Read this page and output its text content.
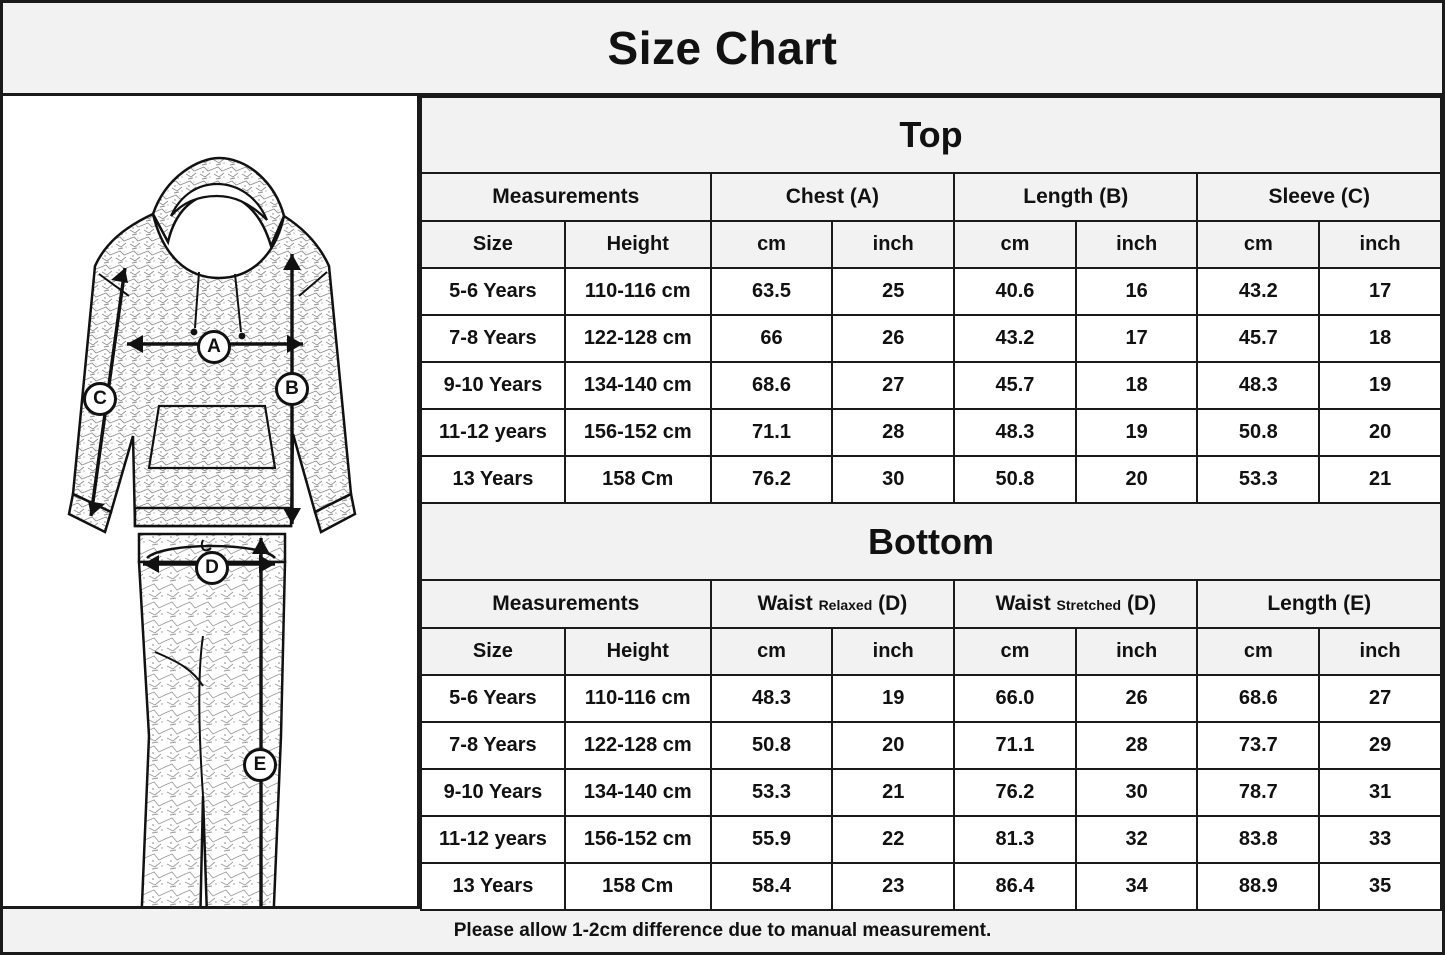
Size Chart
A
B
C
D
E
Top							
Measurements		Chest (A)		Length (B)		Sleeve (C)	
Size	Height	cm	inch	cm	inch	cm	inch
5-6 Years	110-116 cm	63.5	25	40.6	16	43.2	17
7-8 Years	122-128 cm	66	26	43.2	17	45.7	18
9-10 Years	134-140 cm	68.6	27	45.7	18	48.3	19
11-12 years	156-152 cm	71.1	28	48.3	19	50.8	20
13 Years	158 Cm	76.2	30	50.8	20	53.3	21
Bottom							
Measurements		Waist Relaxed (D)		Waist Stretched (D)		Length (E)	
Size	Height	cm	inch	cm	inch	cm	inch
5-6 Years	110-116 cm	48.3	19	66.0	26	68.6	27
7-8 Years	122-128 cm	50.8	20	71.1	28	73.7	29
9-10 Years	134-140 cm	53.3	21	76.2	30	78.7	31
11-12 years	156-152 cm	55.9	22	81.3	32	83.8	33
13 Years	158 Cm	58.4	23	86.4	34	88.9	35
Please allow 1-2cm difference due to manual measurement.
